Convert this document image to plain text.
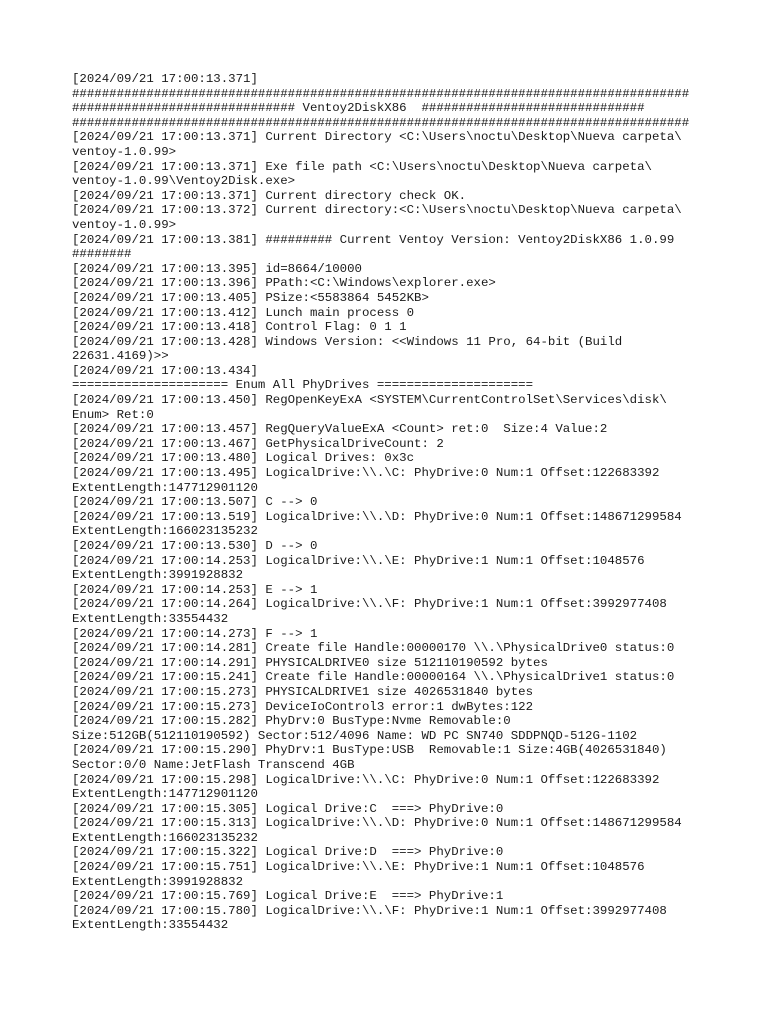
[2024/09/21 17:00:13.371]
###################################################################################
############################## Ventoy2DiskX86  ##############################
###################################################################################
[2024/09/21 17:00:13.371] Current Directory <C:\Users\noctu\Desktop\Nueva carpeta\
ventoy-1.0.99>
[2024/09/21 17:00:13.371] Exe file path <C:\Users\noctu\Desktop\Nueva carpeta\
ventoy-1.0.99\Ventoy2Disk.exe>
[2024/09/21 17:00:13.371] Current directory check OK.
[2024/09/21 17:00:13.372] Current directory:<C:\Users\noctu\Desktop\Nueva carpeta\
ventoy-1.0.99>
[2024/09/21 17:00:13.381] ######### Current Ventoy Version: Ventoy2DiskX86 1.0.99
########
[2024/09/21 17:00:13.395] id=8664/10000
[2024/09/21 17:00:13.396] PPath:<C:\Windows\explorer.exe>
[2024/09/21 17:00:13.405] PSize:<5583864 5452KB>
[2024/09/21 17:00:13.412] Lunch main process 0
[2024/09/21 17:00:13.418] Control Flag: 0 1 1
[2024/09/21 17:00:13.428] Windows Version: <<Windows 11 Pro, 64-bit (Build
22631.4169)>>
[2024/09/21 17:00:13.434]
===================== Enum All PhyDrives =====================
[2024/09/21 17:00:13.450] RegOpenKeyExA <SYSTEM\CurrentControlSet\Services\disk\
Enum> Ret:0
[2024/09/21 17:00:13.457] RegQueryValueExA <Count> ret:0  Size:4 Value:2
[2024/09/21 17:00:13.467] GetPhysicalDriveCount: 2
[2024/09/21 17:00:13.480] Logical Drives: 0x3c
[2024/09/21 17:00:13.495] LogicalDrive:\\.\C: PhyDrive:0 Num:1 Offset:122683392
ExtentLength:147712901120
[2024/09/21 17:00:13.507] C --> 0
[2024/09/21 17:00:13.519] LogicalDrive:\\.\D: PhyDrive:0 Num:1 Offset:148671299584
ExtentLength:166023135232
[2024/09/21 17:00:13.530] D --> 0
[2024/09/21 17:00:14.253] LogicalDrive:\\.\E: PhyDrive:1 Num:1 Offset:1048576
ExtentLength:3991928832
[2024/09/21 17:00:14.253] E --> 1
[2024/09/21 17:00:14.264] LogicalDrive:\\.\F: PhyDrive:1 Num:1 Offset:3992977408
ExtentLength:33554432
[2024/09/21 17:00:14.273] F --> 1
[2024/09/21 17:00:14.281] Create file Handle:00000170 \\.\PhysicalDrive0 status:0
[2024/09/21 17:00:14.291] PHYSICALDRIVE0 size 512110190592 bytes
[2024/09/21 17:00:15.241] Create file Handle:00000164 \\.\PhysicalDrive1 status:0
[2024/09/21 17:00:15.273] PHYSICALDRIVE1 size 4026531840 bytes
[2024/09/21 17:00:15.273] DeviceIoControl3 error:1 dwBytes:122
[2024/09/21 17:00:15.282] PhyDrv:0 BusType:Nvme Removable:0
Size:512GB(512110190592) Sector:512/4096 Name: WD PC SN740 SDDPNQD-512G-1102
[2024/09/21 17:00:15.290] PhyDrv:1 BusType:USB  Removable:1 Size:4GB(4026531840)
Sector:0/0 Name:JetFlash Transcend 4GB
[2024/09/21 17:00:15.298] LogicalDrive:\\.\C: PhyDrive:0 Num:1 Offset:122683392
ExtentLength:147712901120
[2024/09/21 17:00:15.305] Logical Drive:C  ===> PhyDrive:0
[2024/09/21 17:00:15.313] LogicalDrive:\\.\D: PhyDrive:0 Num:1 Offset:148671299584
ExtentLength:166023135232
[2024/09/21 17:00:15.322] Logical Drive:D  ===> PhyDrive:0
[2024/09/21 17:00:15.751] LogicalDrive:\\.\E: PhyDrive:1 Num:1 Offset:1048576
ExtentLength:3991928832
[2024/09/21 17:00:15.769] Logical Drive:E  ===> PhyDrive:1
[2024/09/21 17:00:15.780] LogicalDrive:\\.\F: PhyDrive:1 Num:1 Offset:3992977408
ExtentLength:33554432
